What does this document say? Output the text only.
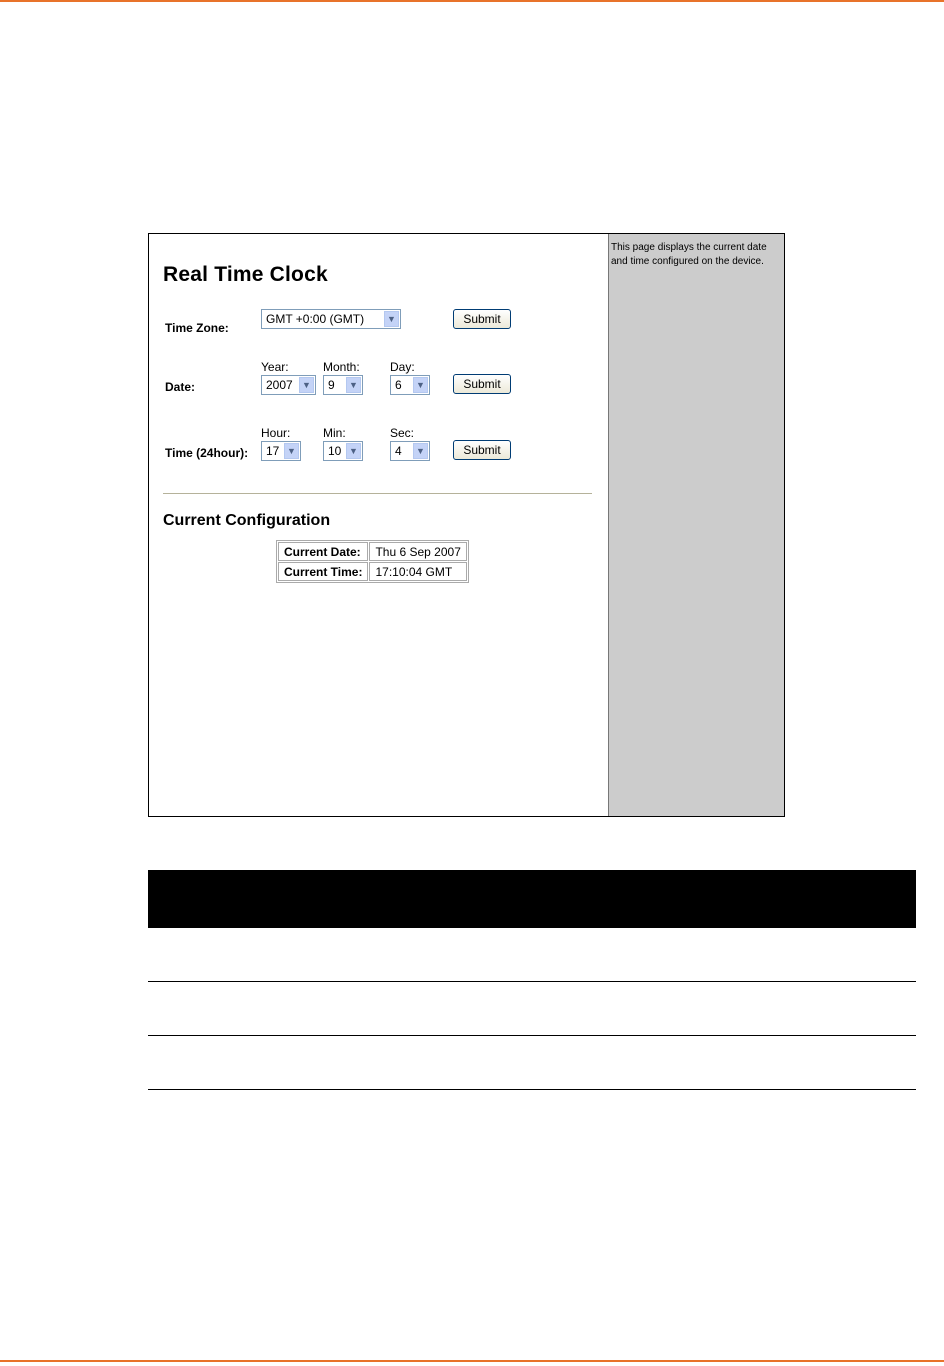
Real Time Clock
Time Zone:
GMT +0:00 (GMT)	▼	Submit
Year:	Month:	Day:
Date:	2007	▼	9	▼	6	▼	Submit
Hour:	Min:	Sec:
Time (24hour):	17 ▼	10 ▼	4	▼	Submit
Current Configuration
Current Date:	Thu 6 Sep 2007
Current Time:	17:10:04 GMT
This page displays the current date and time configured on the device.
